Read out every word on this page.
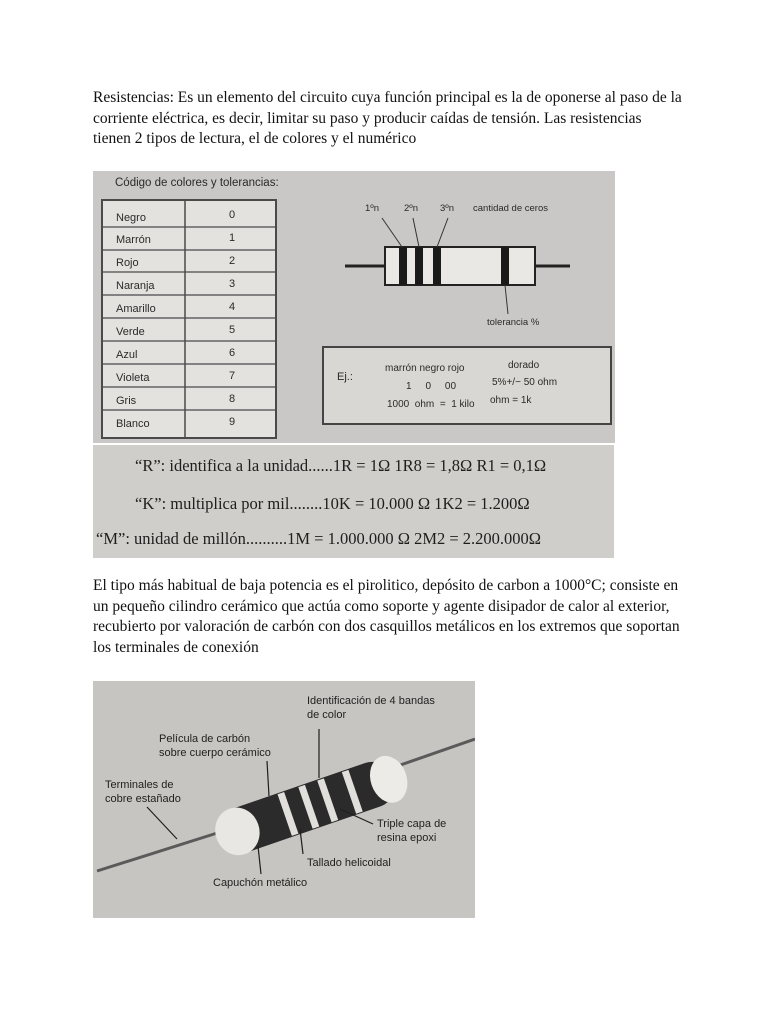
Resistencias: Es un elemento del circuito cuya función principal es la de oponerse al paso de la corriente eléctrica, es decir, limitar su paso y producir caídas de tensión. Las resistencias tienen 2 tipos de lectura, el de colores y el numérico

Código de colores y tolerancias:
Negro	0
Marrón	1
Rojo	2
Naranja	3
Amarillo	4
Verde	5
Azul	6
Violeta	7
Gris	8
Blanco	9
1ºn	2ºn 3ºn cantidad de ceros
tolerancia %
Ej.:
marrón negro rojo	dorado
1     0     00	5%+/− 50 ohm
1000  ohm  =  1 kilo ohm = 1k
“R”: identifica a la unidad......1R = 1Ω 1R8 = 1,8Ω R1 = 0,1Ω
“K”: multiplica por mil........10K = 10.000 Ω 1K2 = 1.200Ω
“M”: unidad de millón..........1M = 1.000.000 Ω 2M2 = 2.200.000Ω

El tipo más habitual de baja potencia es el pirolitico, depósito de carbon a 1000°C; consiste en un pequeño cilindro cerámico que actúa como soporte y agente disipador de calor al exterior, recubierto por valoración de carbón con dos casquillos metálicos en los extremos que soportan los terminales de conexión

Identificación de 4 bandas
de color
Película de carbón
sobre cuerpo cerámico
Terminales de
cobre estañado
Triple capa de
resina epoxi
Tallado helicoidal
Capuchón metálico
